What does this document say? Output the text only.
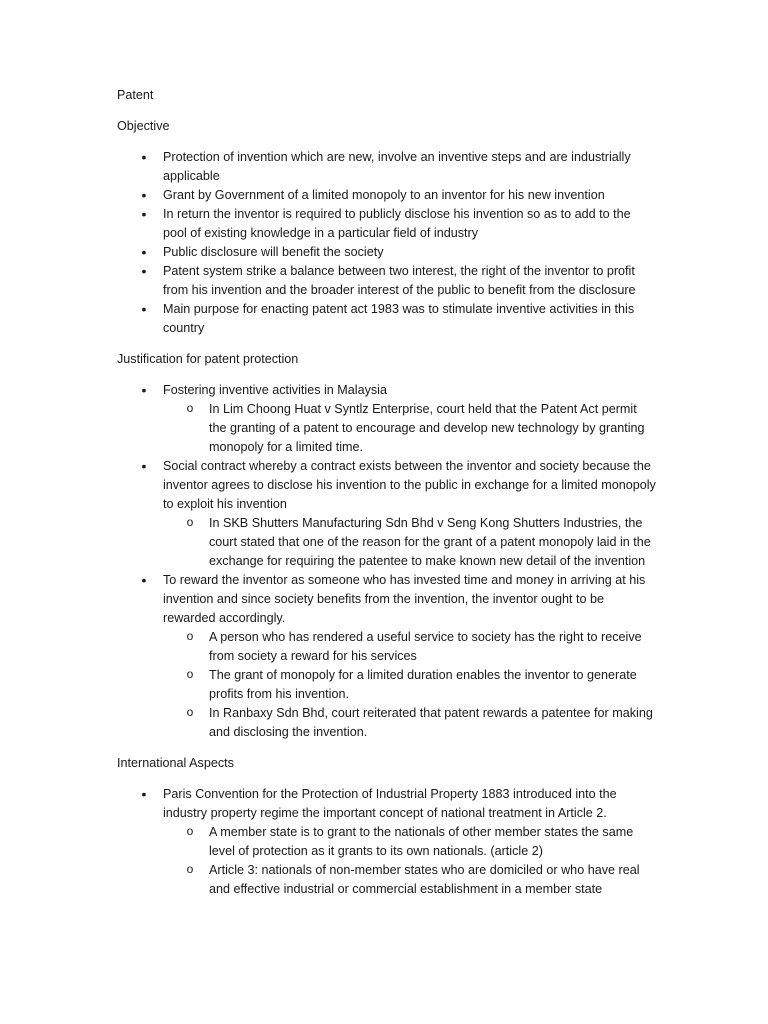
Patent
Objective
• Protection of invention which are new, involve an inventive steps and are industrially applicable
• Grant by Government of a limited monopoly to an inventor for his new invention
• In return the inventor is required to publicly disclose his invention so as to add to the pool of existing knowledge in a particular field of industry
• Public disclosure will benefit the society
• Patent system strike a balance between two interest, the right of the inventor to profit from his invention and the broader interest of the public to benefit from the disclosure
• Main purpose for enacting patent act 1983 was to stimulate inventive activities in this country
Justification for patent protection
• Fostering inventive activities in Malaysia
o In Lim Choong Huat v Syntlz Enterprise, court held that the Patent Act permit the granting of a patent to encourage and develop new technology by granting monopoly for a limited time.
• Social contract whereby a contract exists between the inventor and society because the inventor agrees to disclose his invention to the public in exchange for a limited monopoly to exploit his invention
o In SKB Shutters Manufacturing Sdn Bhd v Seng Kong Shutters Industries, the court stated that one of the reason for the grant of a patent monopoly laid in the exchange for requiring the patentee to make known new detail of the invention
• To reward the inventor as someone who has invested time and money in arriving at his invention and since society benefits from the invention, the inventor ought to be rewarded accordingly.
o A person who has rendered a useful service to society has the right to receive from society a reward for his services
o The grant of monopoly for a limited duration enables the inventor to generate profits from his invention.
o In Ranbaxy Sdn Bhd, court reiterated that patent rewards a patentee for making and disclosing the invention.
International Aspects
• Paris Convention for the Protection of Industrial Property 1883 introduced into the industry property regime the important concept of national treatment in Article 2.
o A member state is to grant to the nationals of other member states the same level of protection as it grants to its own nationals. (article 2)
o Article 3: nationals of non-member states who are domiciled or who have real and effective industrial or commercial establishment in a member state
